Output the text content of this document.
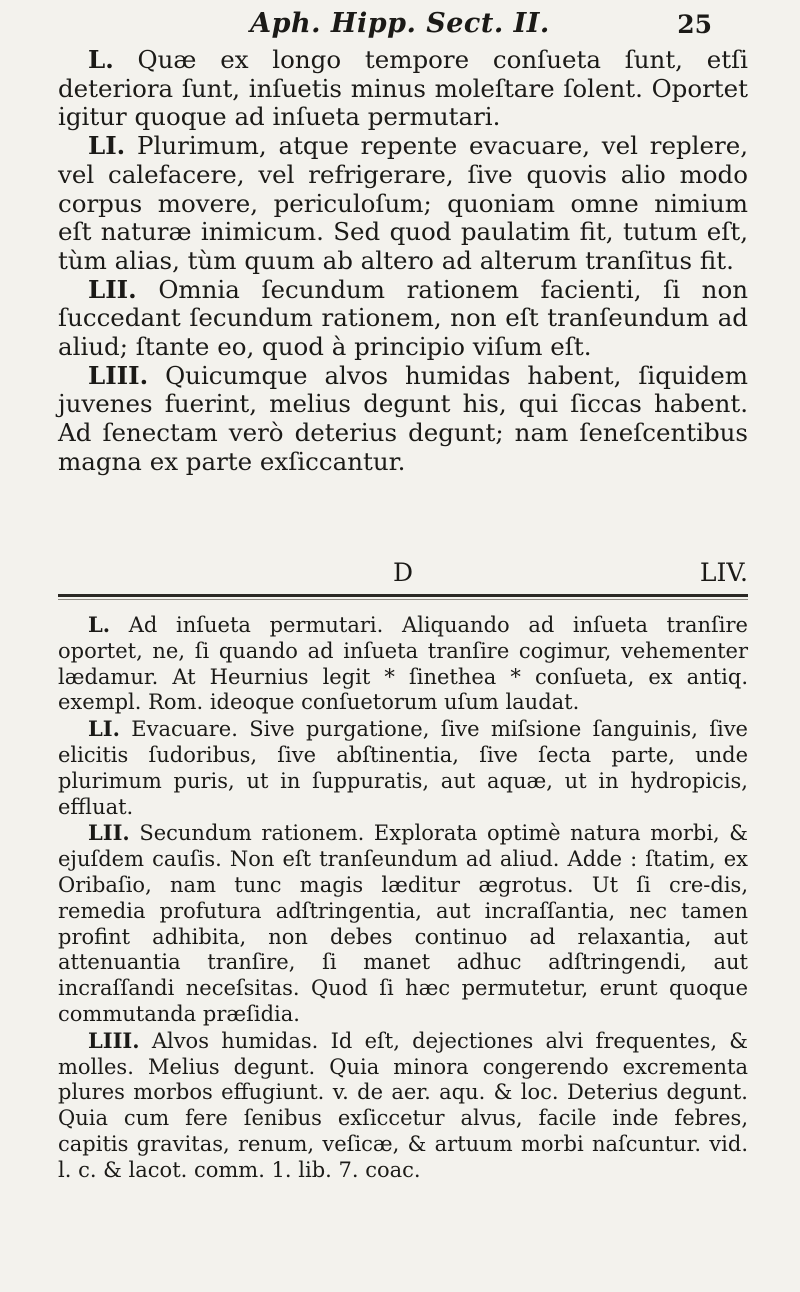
Aph. Hipp. Sect. II.	25

L. Quæ ex longo tempore conſueta ſunt, etſi deteriora ſunt, inſuetis minus moleſtare ſolent. Oportet igitur quoque ad inſueta permutari.

LI. Plurimum, atque repente evacuare, vel replere, vel calefacere, vel refrigerare, ſive quovis alio modo corpus movere, periculoſum; quoniam omne nimium eſt naturæ inimicum. Sed quod paulatim fit, tutum eſt, tùm alias, tùm quum ab altero ad alterum tranſitus fit.

LII. Omnia ſecundum rationem facienti, ſi non ſuccedant ſecundum rationem, non eſt tranſeundum ad aliud; ſtante eo, quod à principio viſum eſt.

LIII. Quicumque alvos humidas habent, ſiquidem juvenes fuerint, melius degunt his, qui ſiccas habent. Ad ſenectam verò deterius degunt; nam ſeneſcentibus magna ex parte exſiccantur.

D	LIV.

L. Ad inſueta permutari. Aliquando ad inſueta tranſire oportet, ne, ſi quando ad inſueta tranſire cogimur, vehementer lædamur. At Heurnius legit * ſinethea * conſueta, ex antiq. exempl. Rom. ideoque conſuetorum uſum laudat.

LI. Evacuare. Sive purgatione, ſive miſsione ſanguinis, ſive elicitis ſudoribus, ſive abſtinentia, ſive ſecta parte, unde plurimum puris, ut in ſuppuratis, aut aquæ, ut in hydropicis, effluat.

LII. Secundum rationem. Explorata optimè natura morbi, & ejuſdem cauſis. Non eſt tranſeundum ad aliud. Adde : ſtatim, ex Oribaſio, nam tunc magis læditur ægrotus. Ut ſi cre-dis, remedia profutura adſtringentia, aut incraſſantia, nec tamen profint adhibita, non debes continuo ad relaxantia, aut attenuantia tranſire, ſi manet adhuc adſtringendi, aut incraſſandi neceſsitas. Quod ſi hæc permutetur, erunt quoque commutanda præſidia.

LIII. Alvos humidas. Id eſt, dejectiones alvi frequentes, & molles. Melius degunt. Quia minora congerendo excrementa plures morbos effugiunt. v. de aer. aqu. & loc. Deterius degunt. Quia cum fere ſenibus exſiccetur alvus, facile inde febres, capitis gravitas, renum, veſicæ, & artuum morbi naſcuntur. vid. l. c. & lacot. comm. 1. lib. 7. coac.
